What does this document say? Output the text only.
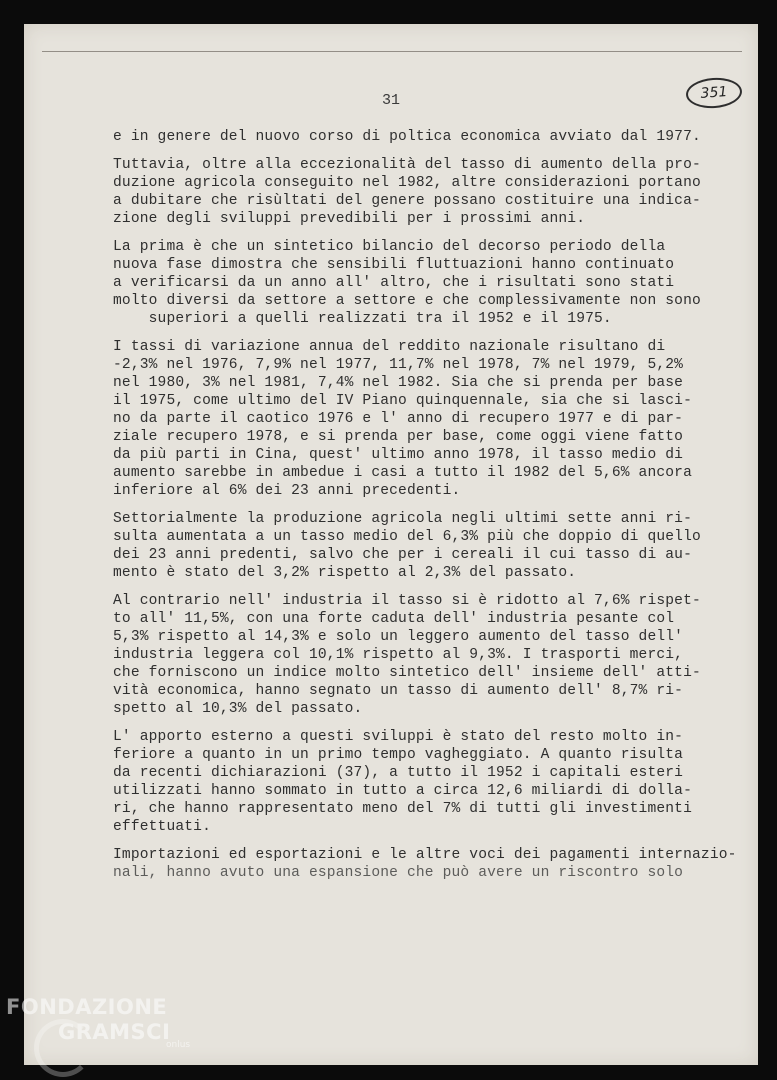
31	351
e in genere del nuovo corso di poltica economica avviato dal 1977.
Tuttavia, oltre alla eccezionalità del tasso di aumento della pro-
duzione agricola conseguito nel 1982, altre considerazioni portano
a dubitare che risùltati del genere possano costituire una indica-
zione degli sviluppi prevedibili per i prossimi anni.
La prima è che un sintetico bilancio del decorso periodo della
nuova fase dimostra che sensibili fluttuazioni hanno continuato
a verificarsi da un anno all' altro, che i risultati sono stati
molto diversi da settore a settore e che complessivamente non sono
superiori a quelli realizzati tra il 1952 e il 1975.
I tassi di variazione annua del reddito nazionale risultano di
-2,3% nel 1976, 7,9% nel 1977, 11,7% nel 1978, 7% nel 1979, 5,2%
nel 1980, 3% nel 1981, 7,4% nel 1982. Sia che si prenda per base
il 1975, come ultimo del IV Piano quinquennale, sia che si lasci-
no da parte il caotico 1976 e l' anno di recupero 1977 e di par-
ziale recupero 1978, e si prenda per base, come oggi viene fatto
da più parti in Cina, quest' ultimo anno 1978, il tasso medio di
aumento sarebbe in ambedue i casi a tutto il 1982 del 5,6% ancora
inferiore al 6% dei 23 anni precedenti.
Settorialmente la produzione agricola negli ultimi sette anni ri-
sulta aumentata a un tasso medio del 6,3% più che doppio di quello
dei 23 anni predenti, salvo che per i cereali il cui tasso di au-
mento è stato del 3,2% rispetto al 2,3% del passato.
Al contrario nell' industria il tasso si è ridotto al 7,6% rispet-
to all' 11,5%, con una forte caduta dell' industria pesante col
5,3% rispetto al 14,3% e solo un leggero aumento del tasso dell'
industria leggera col 10,1% rispetto al 9,3%. I trasporti merci,
che forniscono un indice molto sintetico dell' insieme dell' atti-
vità economica, hanno segnato un tasso di aumento dell' 8,7% ri-
spetto al 10,3% del passato.
L' apporto esterno a questi sviluppi è stato del resto molto in-
feriore a quanto in un primo tempo vagheggiato. A quanto risulta
da recenti dichiarazioni (37), a tutto il 1952 i capitali esteri
utilizzati hanno sommato in tutto a circa 12,6 miliardi di dolla-
ri, che hanno rappresentato meno del 7% di tutti gli investimenti
effettuati.
Importazioni ed esportazioni e le altre voci dei pagamenti internazio-
nali, hanno avuto una espansione che può avere un riscontro solo
FONDAZIONE
GRAMSCI
onlus
